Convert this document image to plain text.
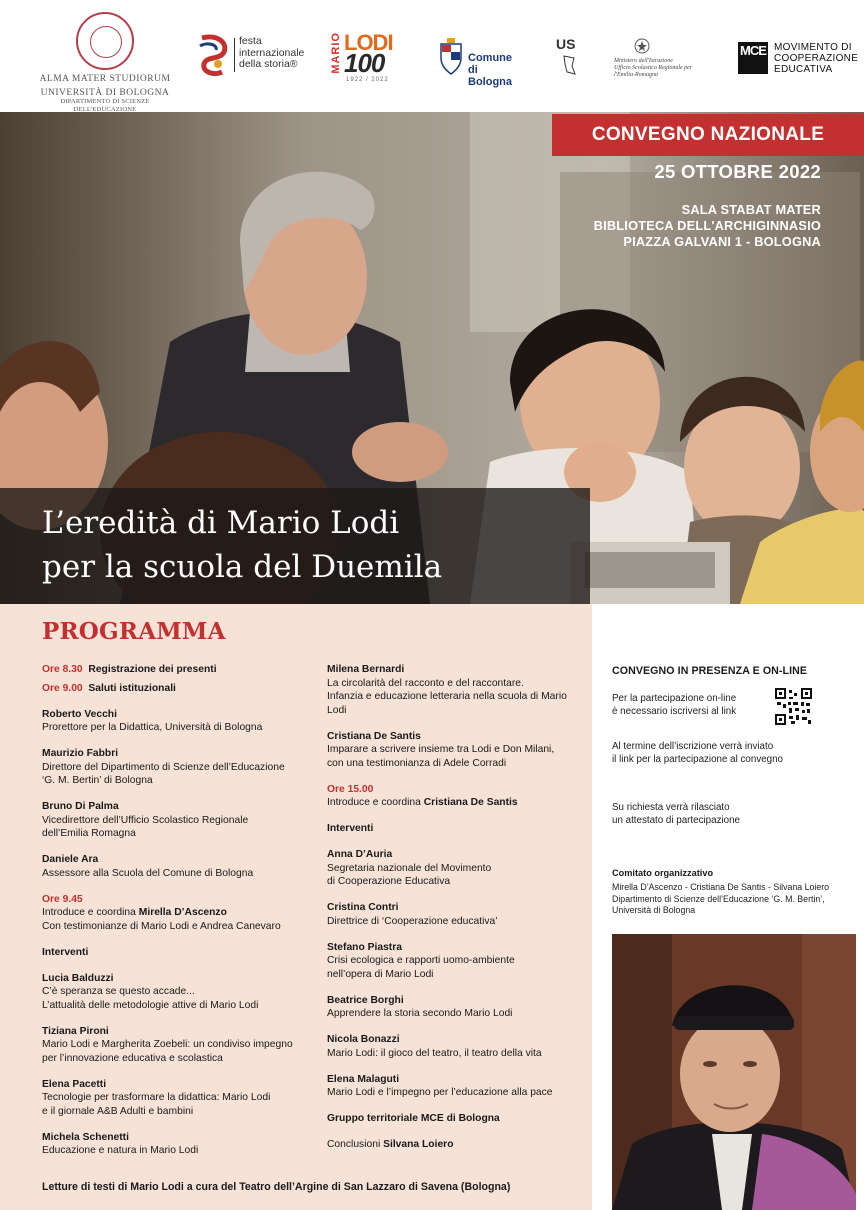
ALMA MATER STUDIORUM
UNIVERSITÀ DI BOLOGNA
DIPARTIMENTO DI SCIENZE DELL'EDUCAZIONE
festa
internazionale
della storia®	MARIO LODI
100
1922 / 2022
Comune
di Bologna
US
Ministero dell'Istruzione
Ufficio Scolastico Regionale per l'Emilia-Romagna
MCE MOVIMENTO DI
COOPERAZIONE
EDUCATIVA
CONVEGNO NAZIONALE
25 OTTOBRE 2022
SALA STABAT MATER
BIBLIOTECA DELL'ARCHIGINNASIO
PIAZZA GALVANI 1 - BOLOGNA
L’eredità di Mario Lodi
per la scuola del Duemila
PROGRAMMA
Ore 8.30 Registrazione dei presenti
Ore 9.00 Saluti istituzionali
Roberto Vecchi
Prorettore per la Didattica, Università di Bologna
Maurizio Fabbri
Direttore del Dipartimento di Scienze dell’Educazione
‘G. M. Bertin’ di Bologna
Bruno Di Palma
Vicedirettore dell’Ufficio Scolastico Regionale
dell’Emilia Romagna
Daniele Ara
Assessore alla Scuola del Comune di Bologna
Ore 9.45
Introduce e coordina Mirella D’Ascenzo
Con testimonianze di Mario Lodi e Andrea Canevaro
Interventi
Lucia Balduzzi
C’è speranza se questo accade...
L’attualità delle metodologie attive di Mario Lodi
Tiziana Pironi
Mario Lodi e Margherita Zoebeli: un condiviso impegno
per l’innovazione educativa e scolastica
Elena Pacetti
Tecnologie per trasformare la didattica: Mario Lodi
e il giornale A&B Adulti e bambini
Michela Schenetti
Educazione e natura in Mario Lodi
Milena Bernardi
La circolarità del racconto e del raccontare.
Infanzia e educazione letteraria nella scuola di Mario Lodi
Cristiana De Santis
Imparare a scrivere insieme tra Lodi e Don Milani,
con una testimonianza di Adele Corradi
Ore 15.00
Introduce e coordina Cristiana De Santis
Interventi
Anna D’Auria
Segretaria nazionale del Movimento
di Cooperazione Educativa
Cristina Contri
Direttrice di ‘Cooperazione educativa’
Stefano Piastra
Crisi ecologica e rapporti uomo-ambiente
nell’opera di Mario Lodi
Beatrice Borghi
Apprendere la storia secondo Mario Lodi
Nicola Bonazzi
Mario Lodi: il gioco del teatro, il teatro della vita
Elena Malaguti
Mario Lodi e l’impegno per l’educazione alla pace
Gruppo territoriale MCE di Bologna
Conclusioni Silvana Loiero
Letture di testi di Mario Lodi a cura del Teatro dell’Argine di San Lazzaro di Savena (Bologna)
CONVEGNO IN PRESENZA E ON-LINE
Per la partecipazione on-line
è necessario iscriversi al link
Al termine dell’iscrizione verrà inviato
il link per la partecipazione al convegno
Su richiesta verrà rilasciato
un attestato di partecipazione
Comitato organizzativo
Mirella D’Ascenzo - Cristiana De Santis - Silvana Loiero
Dipartimento di Scienze dell’Educazione ‘G. M. Bertin’,
Università di Bologna
